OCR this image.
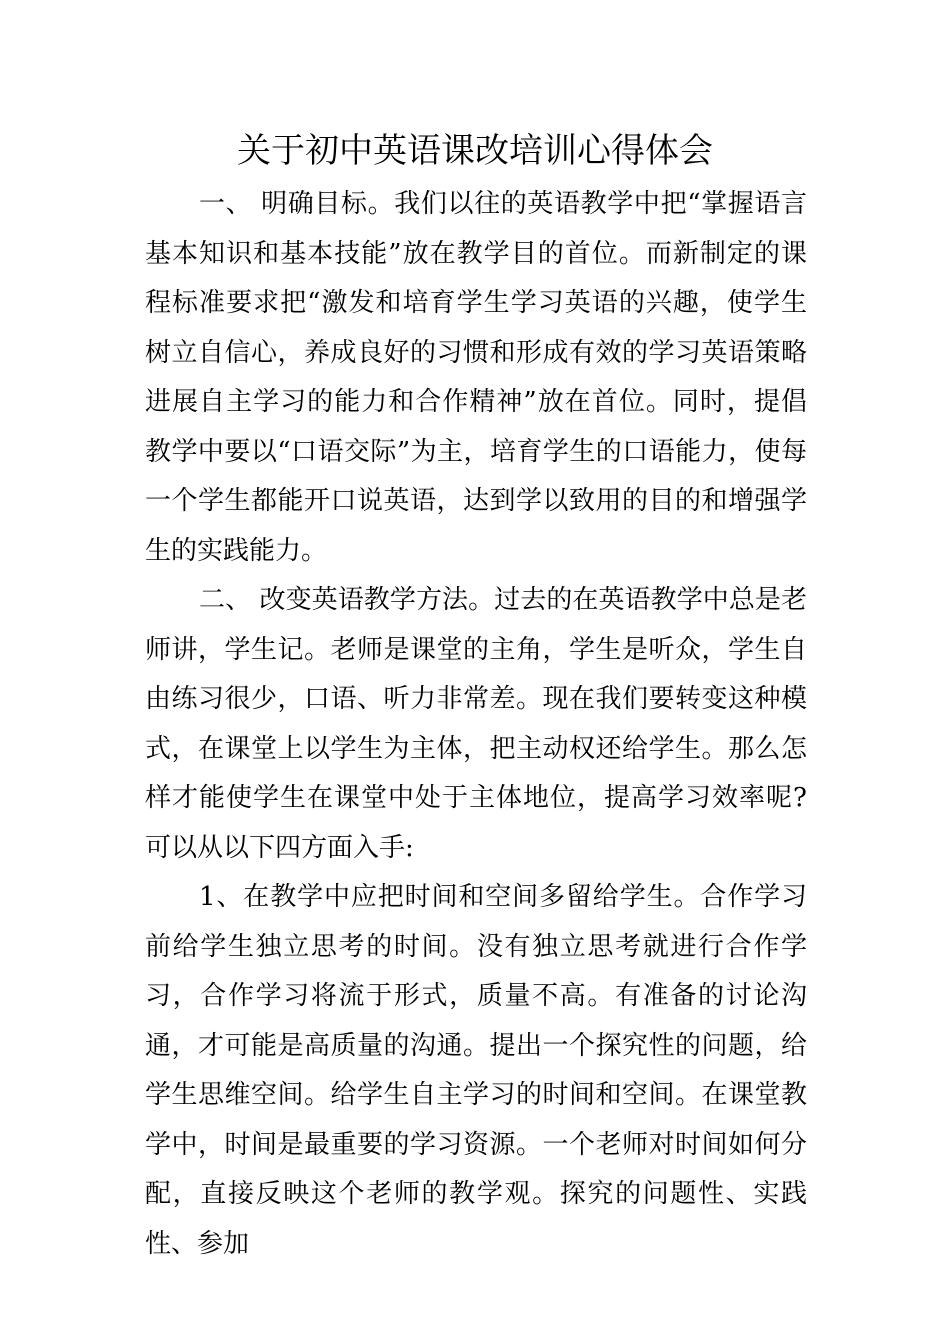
关于初中英语课改培训心得体会

一、 明确目标。我们以往的英语教学中把“掌握语言基本知识和基本技能”放在教学目的首位。而新制定的课程标准要求把“激发和培育学生学习英语的兴趣，使学生树立自信心，养成良好的习惯和形成有效的学习英语策略进展自主学习的能力和合作精神”放在首位。同时，提倡教学中要以“口语交际”为主，培育学生的口语能力，使每一个学生都能开口说英语，达到学以致用的目的和增强学生的实践能力。

二、 改变英语教学方法。过去的在英语教学中总是老师讲，学生记。老师是课堂的主角，学生是听众，学生自由练习很少，口语、听力非常差。现在我们要转变这种模式，在课堂上以学生为主体，把主动权还给学生。那么怎样才能使学生在课堂中处于主体地位，提高学习效率呢?可以从以下四方面入手:

1、在教学中应把时间和空间多留给学生。合作学习前给学生独立思考的时间。没有独立思考就进行合作学习，合作学习将流于形式，质量不高。有准备的讨论沟通，才可能是高质量的沟通。提出一个探究性的问题，给学生思维空间。给学生自主学习的时间和空间。在课堂教学中，时间是最重要的学习资源。一个老师对时间如何分配，直接反映这个老师的教学观。探究的问题性、实践性、参加
